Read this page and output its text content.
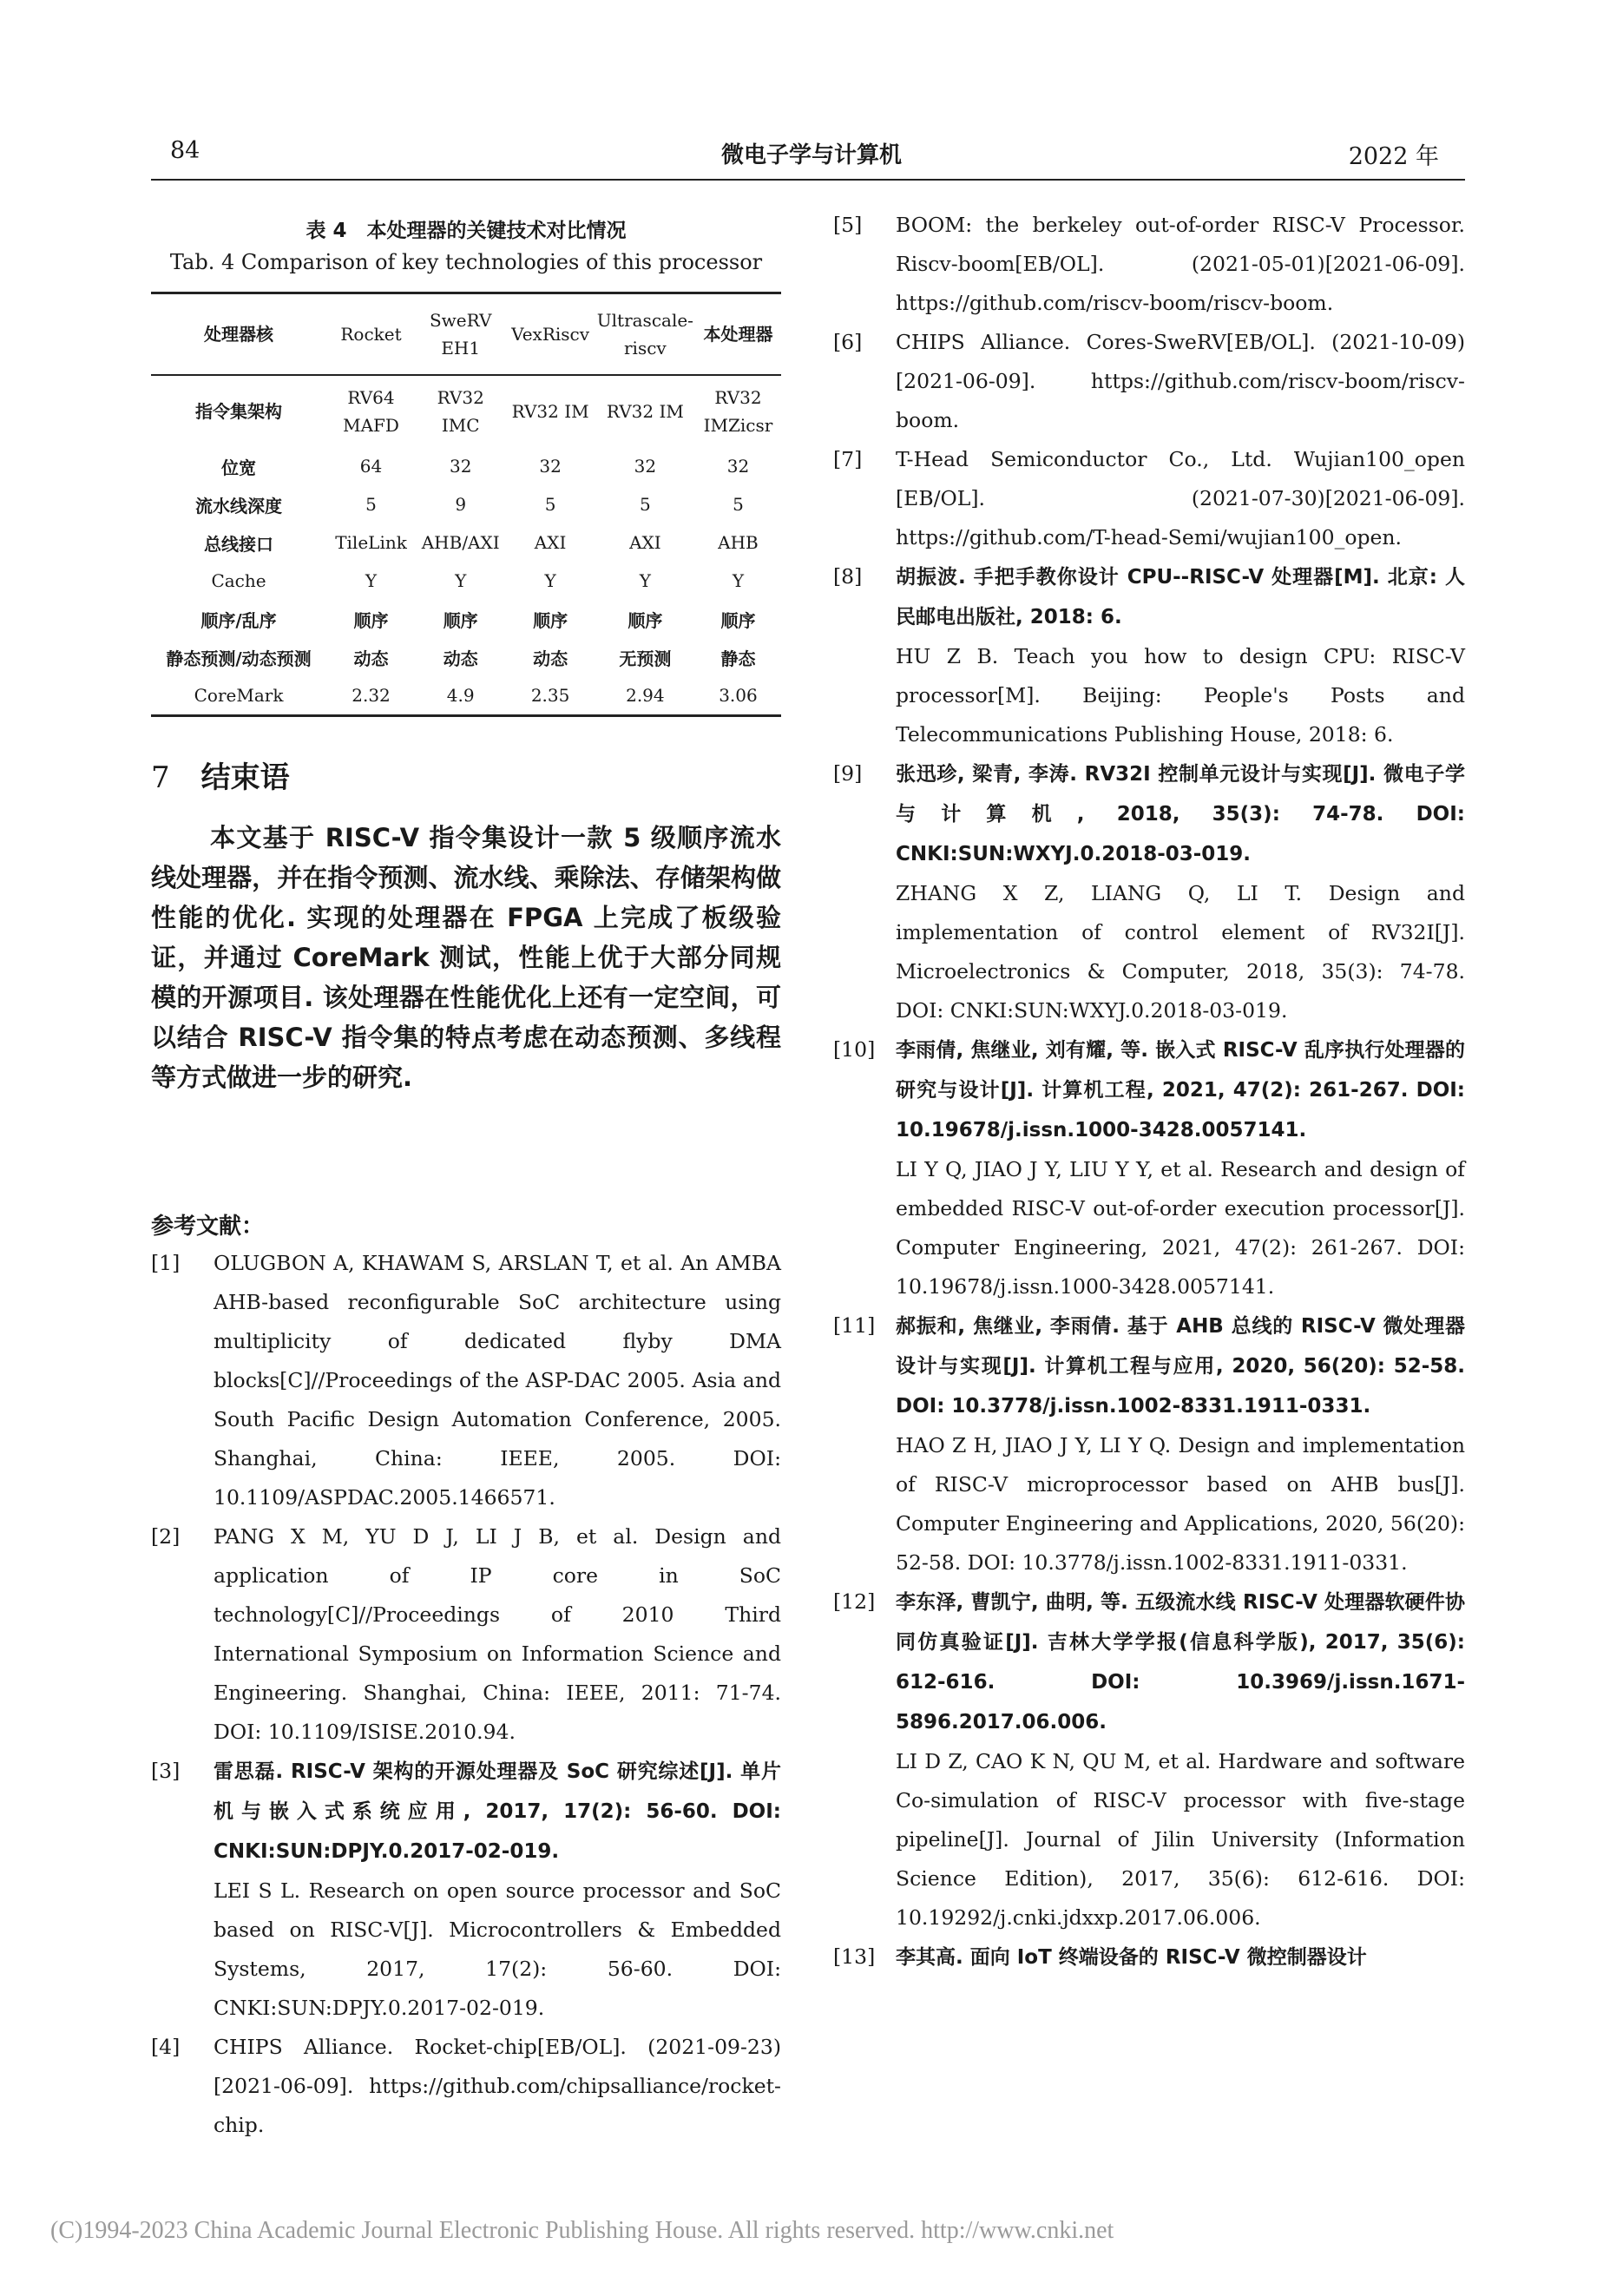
84	微电子学与计算机	2022 年
表 4　本处理器的关键技术对比情况
Tab. 4 Comparison of key technologies of this processor
处理器核	Rocket	SweRV EH1	VexRiscv	Ultrascale-riscv	本处理器
指令集架构	RV64 MAFD	RV32 IMC	RV32 IM	RV32 IM	RV32 IMZicsr
位宽	64	32	32	32	32
流水线深度	5	9	5	5	5
总线接口	TileLink	AHB/AXI	AXI	AXI	AHB
Cache	Y	Y	Y	Y	Y
顺序/乱序	顺序	顺序	顺序	顺序	顺序
静态预测/动态预测	动态	动态	动态	无预测	静态
CoreMark	2.32	4.9	2.35	2.94	3.06
7 结束语

本文基于 RISC-V 指令集设计一款 5 级顺序流水线处理器，并在指令预测、流水线、乘除法、存储架构做性能的优化. 实现的处理器在 FPGA 上完成了板级验证，并通过 CoreMark 测试，性能上优于大部分同规模的开源项目. 该处理器在性能优化上还有一定空间，可以结合 RISC-V 指令集的特点考虑在动态预测、多线程等方式做进一步的研究.

参考文献：
[1] OLUGBON A, KHAWAM S, ARSLAN T, et al. An AMBA AHB-based reconfigurable SoC architecture using multiplicity of dedicated flyby DMA blocks[C]//Proceedings of the ASP-DAC 2005. Asia and South Pacific Design Automation Conference, 2005. Shanghai, China: IEEE, 2005. DOI: 10.1109/ASPDAC.2005.1466571.
[2] PANG X M, YU D J, LI J B, et al. Design and application of IP core in SoC technology[C]//Proceedings of 2010 Third International Symposium on Information Science and Engineering. Shanghai, China: IEEE, 2011: 71-74. DOI: 10.1109/ISISE.2010.94.
[3] 雷思磊. RISC-V 架构的开源处理器及 SoC 研究综述[J]. 单片机与嵌入式系统应用, 2017, 17(2): 56-60. DOI: CNKI:SUN:DPJY.0.2017-02-019.
LEI S L. Research on open source processor and SoC based on RISC-V[J]. Microcontrollers & Embedded Systems, 2017, 17(2): 56-60. DOI: CNKI:SUN:DPJY.0.2017-02-019.
[4] CHIPS Alliance. Rocket-chip[EB/OL]. (2021-09-23)[2021-06-09]. https://github.com/chipsalliance/rocket-chip.
[5] BOOM: the berkeley out-of-order RISC-V Processor. Riscv-boom[EB/OL]. (2021-05-01)[2021-06-09]. https://github.com/riscv-boom/riscv-boom.
[6] CHIPS Alliance. Cores-SweRV[EB/OL]. (2021-10-09)[2021-06-09]. https://github.com/riscv-boom/riscv-boom.
[7] T-Head Semiconductor Co., Ltd. Wujian100_open [EB/OL]. (2021-07-30)[2021-06-09]. https://github.com/T-head-Semi/wujian100_open.
[8] 胡振波. 手把手教你设计 CPU--RISC-V 处理器[M]. 北京: 人民邮电出版社, 2018: 6.
HU Z B. Teach you how to design CPU: RISC-V processor[M]. Beijing: People's Posts and Telecommunications Publishing House, 2018: 6.
[9] 张迅珍, 梁青, 李涛. RV32I 控制单元设计与实现[J]. 微电子学与计算机, 2018, 35(3): 74-78. DOI: CNKI:SUN:WXYJ.0.2018-03-019.
ZHANG X Z, LIANG Q, LI T. Design and implementation of control element of RV32I[J]. Microelectronics & Computer, 2018, 35(3): 74-78. DOI: CNKI:SUN:WXYJ.0.2018-03-019.
[10] 李雨倩, 焦继业, 刘有耀, 等. 嵌入式 RISC-V 乱序执行处理器的研究与设计[J]. 计算机工程, 2021, 47(2): 261-267. DOI: 10.19678/j.issn.1000-3428.0057141.
LI Y Q, JIAO J Y, LIU Y Y, et al. Research and design of embedded RISC-V out-of-order execution processor[J]. Computer Engineering, 2021, 47(2): 261-267. DOI: 10.19678/j.issn.1000-3428.0057141.
[11] 郝振和, 焦继业, 李雨倩. 基于 AHB 总线的 RISC-V 微处理器设计与实现[J]. 计算机工程与应用, 2020, 56(20): 52-58. DOI: 10.3778/j.issn.1002-8331.1911-0331.
HAO Z H, JIAO J Y, LI Y Q. Design and implementation of RISC-V microprocessor based on AHB bus[J]. Computer Engineering and Applications, 2020, 56(20): 52-58. DOI: 10.3778/j.issn.1002-8331.1911-0331.
[12] 李东泽, 曹凯宁, 曲明, 等. 五级流水线 RISC-V 处理器软硬件协同仿真验证[J]. 吉林大学学报(信息科学版), 2017, 35(6): 612-616. DOI: 10.3969/j.issn.1671-5896.2017.06.006.
LI D Z, CAO K N, QU M, et al. Hardware and software Co-simulation of RISC-V processor with five-stage pipeline[J]. Journal of Jilin University (Information Science Edition), 2017, 35(6): 612-616. DOI: 10.19292/j.cnki.jdxxp.2017.06.006.
[13] 李其高. 面向 IoT 终端设备的 RISC-V 微控制器设计
(C)1994-2023 China Academic Journal Electronic Publishing House. All rights reserved. http://www.cnki.net
